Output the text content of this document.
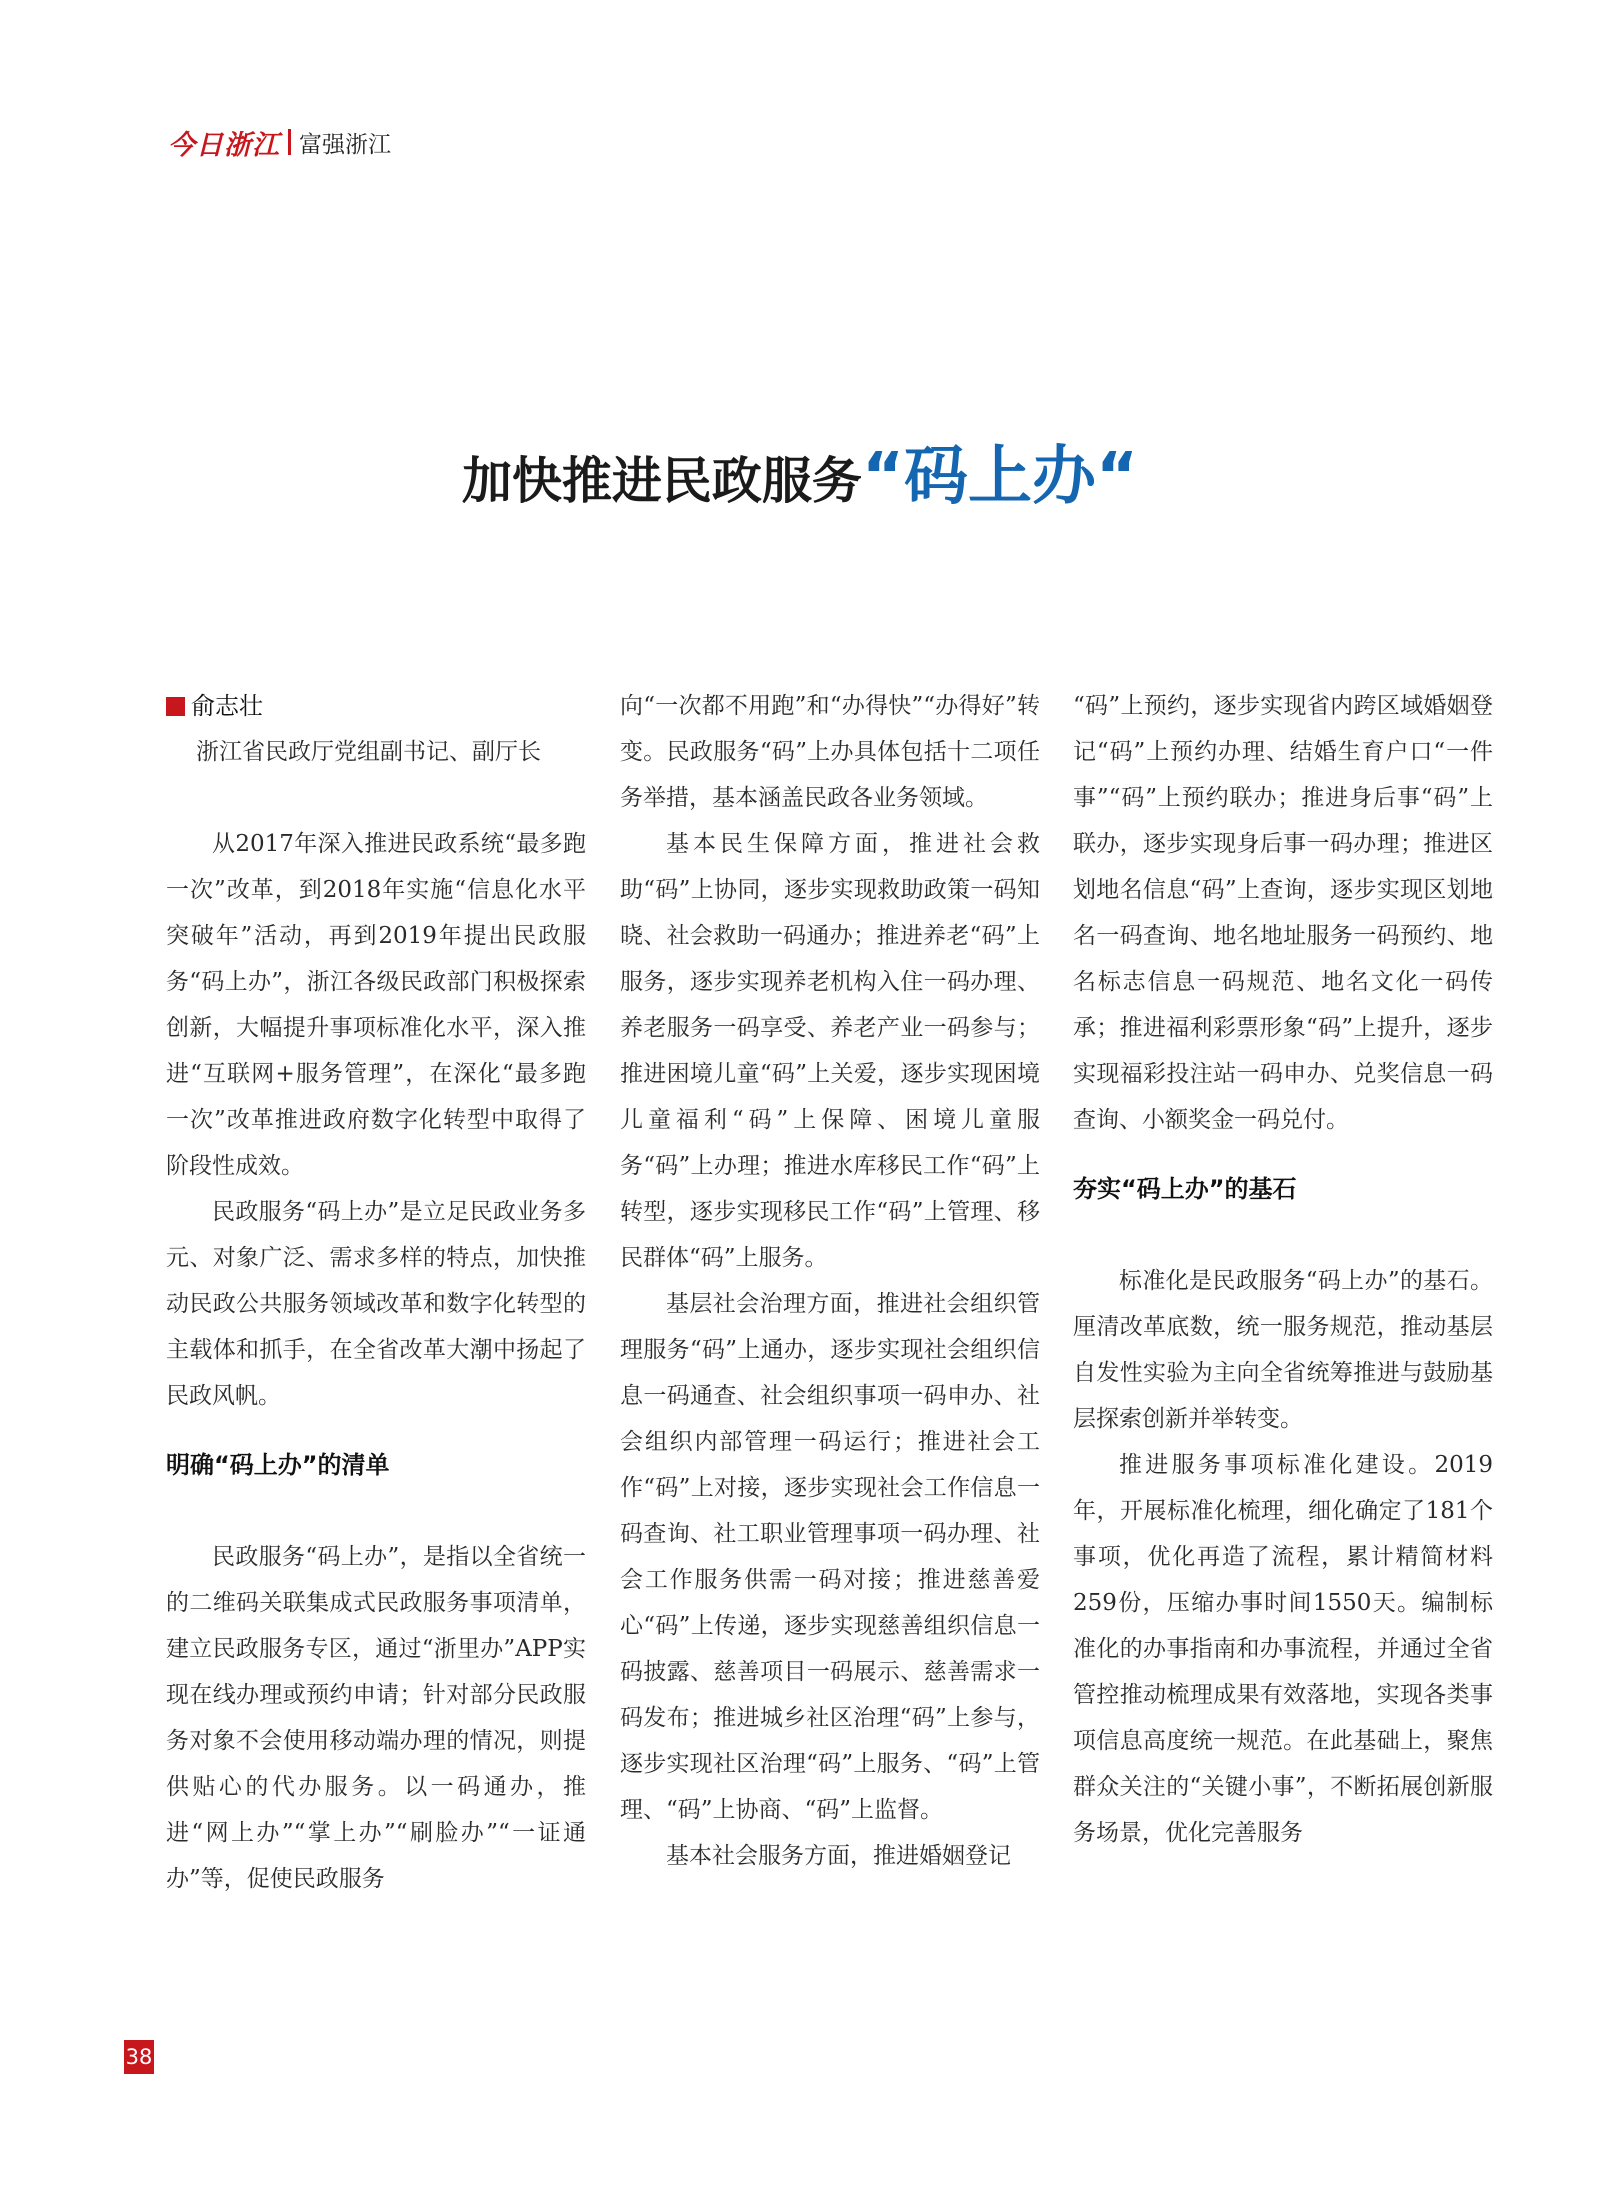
今日浙江 富强浙江
加快推进民政服务“码上办“
俞志壮
浙江省民政厅党组副书记、副厅长

从2017年深入推进民政系统“最多跑一次”改革，到2018年实施“信息化水平突破年”活动，再到2019年提出民政服务“码上办”，浙江各级民政部门积极探索创新，大幅提升事项标准化水平，深入推进“互联网+服务管理”，在深化“最多跑一次”改革推进政府数字化转型中取得了阶段性成效。

民政服务“码上办”是立足民政业务多元、对象广泛、需求多样的特点，加快推动民政公共服务领域改革和数字化转型的主载体和抓手，在全省改革大潮中扬起了民政风帆。

明确“码上办”的清单

民政服务“码上办”，是指以全省统一的二维码关联集成式民政服务事项清单，建立民政服务专区，通过“浙里办”APP实现在线办理或预约申请；针对部分民政服务对象不会使用移动端办理的情况，则提供贴心的代办服务。以一码通办，推进“网上办”“掌上办”“刷脸办”“一证通办”等，促使民政服务

向“一次都不用跑”和“办得快”“办得好”转变。民政服务“码”上办具体包括十二项任务举措，基本涵盖民政各业务领域。

基本民生保障方面，推进社会救助“码”上协同，逐步实现救助政策一码知晓、社会救助一码通办；推进养老“码”上服务，逐步实现养老机构入住一码办理、养老服务一码享受、养老产业一码参与；推进困境儿童“码”上关爱，逐步实现困境儿童福利“码”上保障、困境儿童服务“码”上办理；推进水库移民工作“码”上转型，逐步实现移民工作“码”上管理、移民群体“码”上服务。

基层社会治理方面，推进社会组织管理服务“码”上通办，逐步实现社会组织信息一码通查、社会组织事项一码申办、社会组织内部管理一码运行；推进社会工作“码”上对接，逐步实现社会工作信息一码查询、社工职业管理事项一码办理、社会工作服务供需一码对接；推进慈善爱心“码”上传递，逐步实现慈善组织信息一码披露、慈善项目一码展示、慈善需求一码发布；推进城乡社区治理“码”上参与，逐步实现社区治理“码”上服务、“码”上管理、“码”上协商、“码”上监督。

基本社会服务方面，推进婚姻登记

“码”上预约，逐步实现省内跨区域婚姻登记“码”上预约办理、结婚生育户口“一件事”“码”上预约联办；推进身后事“码”上联办，逐步实现身后事一码办理；推进区划地名信息“码”上查询，逐步实现区划地名一码查询、地名地址服务一码预约、地名标志信息一码规范、地名文化一码传承；推进福利彩票形象“码”上提升，逐步实现福彩投注站一码申办、兑奖信息一码查询、小额奖金一码兑付。

夯实“码上办”的基石

标准化是民政服务“码上办”的基石。厘清改革底数，统一服务规范，推动基层自发性实验为主向全省统筹推进与鼓励基层探索创新并举转变。

推进服务事项标准化建设。2019年，开展标准化梳理，细化确定了181个事项，优化再造了流程，累计精简材料259份，压缩办事时间1550天。编制标准化的办事指南和办事流程，并通过全省管控推动梳理成果有效落地，实现各类事项信息高度统一规范。在此基础上，聚焦群众关注的“关键小事”，不断拓展创新服务场景，优化完善服务

38
